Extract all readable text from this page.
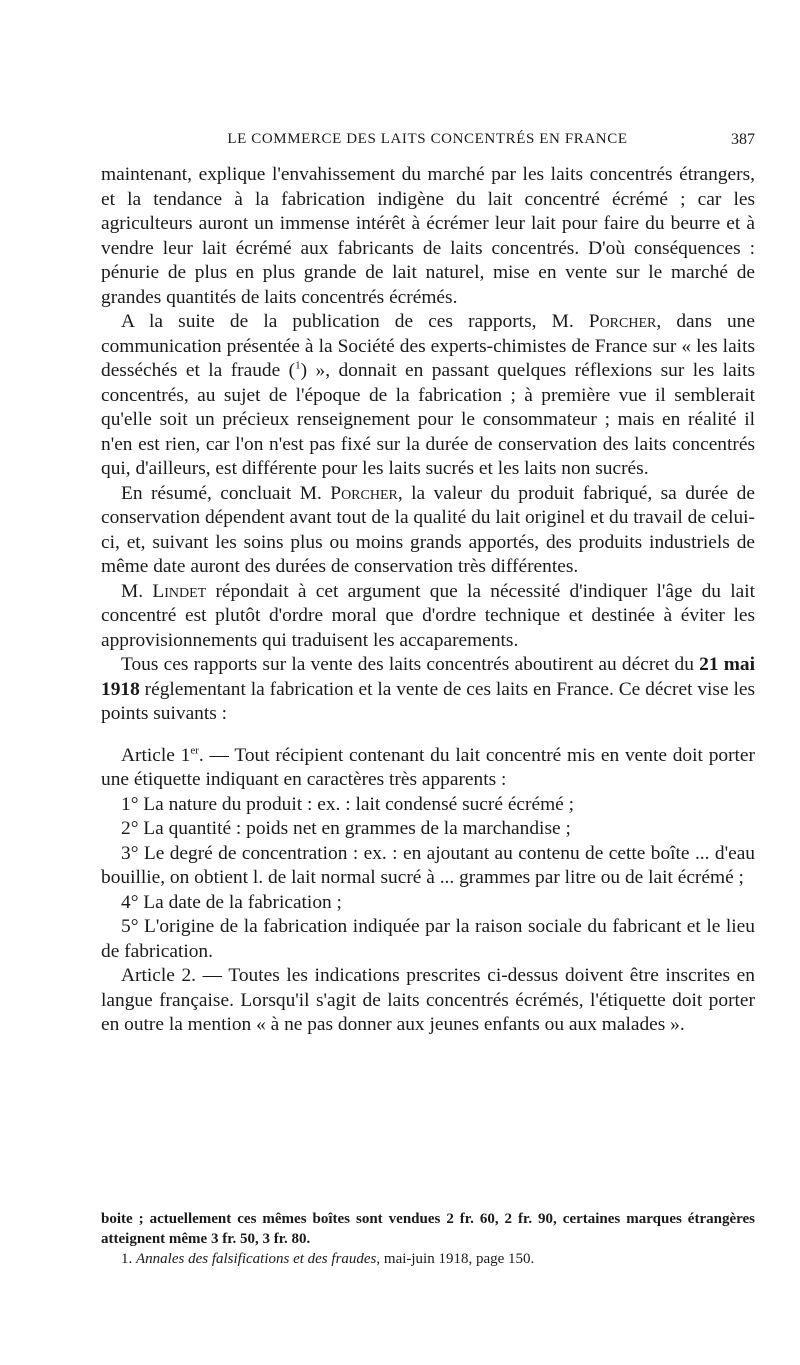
LE COMMERCE DES LAITS CONCENTRÉS EN FRANCE	387

maintenant, explique l'envahissement du marché par les laits concentrés étrangers, et la tendance à la fabrication indigène du lait concentré écrémé ; car les agriculteurs auront un immense intérêt à écrémer leur lait pour faire du beurre et à vendre leur lait écrémé aux fabricants de laits concentrés. D'où conséquences : pénurie de plus en plus grande de lait naturel, mise en vente sur le marché de grandes quantités de laits concentrés écrémés.

A la suite de la publication de ces rapports, M. Porcher, dans une communication présentée à la Société des experts-chimistes de France sur « les laits desséchés et la fraude ($^1$) », donnait en passant quelques réflexions sur les laits concentrés, au sujet de l'époque de la fabrication ; à première vue il semblerait qu'elle soit un précieux renseignement pour le consommateur ; mais en réalité il n'en est rien, car l'on n'est pas fixé sur la durée de conservation des laits concentrés qui, d'ailleurs, est différente pour les laits sucrés et les laits non sucrés.

En résumé, concluait M. Porcher, la valeur du produit fabriqué, sa durée de conservation dépendent avant tout de la qualité du lait originel et du travail de celui-ci, et, suivant les soins plus ou moins grands apportés, des produits industriels de même date auront des durées de conservation très différentes.

M. Lindet répondait à cet argument que la nécessité d'indiquer l'âge du lait concentré est plutôt d'ordre moral que d'ordre technique et destinée à éviter les approvisionnements qui traduisent les accaparements.

Tous ces rapports sur la vente des laits concentrés aboutirent au décret du 21 mai 1918 réglementant la fabrication et la vente de ces laits en France. Ce décret vise les points suivants :

Article 1er. — Tout récipient contenant du lait concentré mis en vente doit porter une étiquette indiquant en caractères très apparents :

1° La nature du produit : ex. : lait condensé sucré écrémé ;

2° La quantité : poids net en grammes de la marchandise ;

3° Le degré de concentration : ex. : en ajoutant au contenu de cette boîte ... d'eau bouillie, on obtient l. de lait normal sucré à ... grammes par litre ou de lait écrémé ;

4° La date de la fabrication ;

5° L'origine de la fabrication indiquée par la raison sociale du fabricant et le lieu de fabrication.

Article 2. — Toutes les indications prescrites ci-dessus doivent être inscrites en langue française. Lorsqu'il s'agit de laits concentrés écrémés, l'étiquette doit porter en outre la mention « à ne pas donner aux jeunes enfants ou aux malades ».

boite ; actuellement ces mêmes boîtes sont vendues 2 fr. 60, 2 fr. 90, certaines marques étrangères atteignent même 3 fr. 50, 3 fr. 80.

1. Annales des falsifications et des fraudes, mai-juin 1918, page 150.
